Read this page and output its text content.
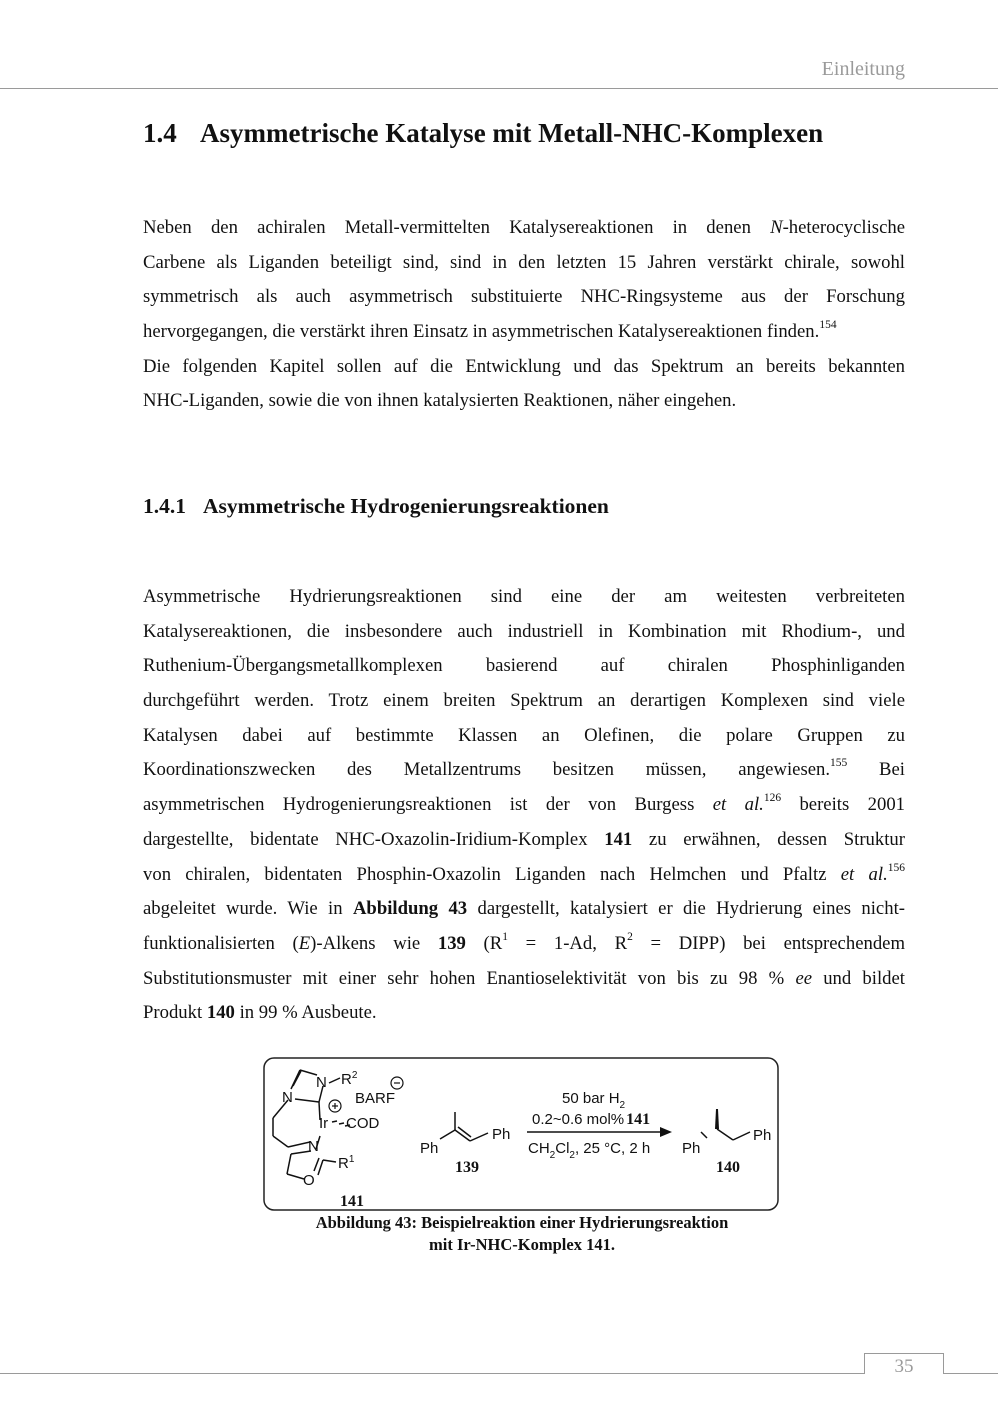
Einleitung
1.4 Asymmetrische Katalyse mit Metall-NHC-Komplexen
Neben den achiralen Metall-vermittelten Katalysereaktionen in denen N-heterocyclische
Carbene als Liganden beteiligt sind, sind in den letzten 15 Jahren verstärkt chirale, sowohl
symmetrisch als auch asymmetrisch substituierte NHC-Ringsysteme aus der Forschung
hervorgegangen, die verstärkt ihren Einsatz in asymmetrischen Katalysereaktionen finden.$^{154}$
Die folgenden Kapitel sollen auf die Entwicklung und das Spektrum an bereits bekannten
NHC-Liganden, sowie die von ihnen katalysierten Reaktionen, näher eingehen.
1.4.1 Asymmetrische Hydrogenierungsreaktionen
Asymmetrische Hydrierungsreaktionen sind eine der am weitesten verbreiteten
Katalysereaktionen, die insbesondere auch industriell in Kombination mit Rhodium-, und
Ruthenium-Übergangsmetallkomplexen basierend auf chiralen Phosphinliganden
durchgeführt werden. Trotz einem breiten Spektrum an derartigen Komplexen sind viele
Katalysen dabei auf bestimmte Klassen an Olefinen, die polare Gruppen zu
Koordinationszwecken des Metallzentrums besitzen müssen, angewiesen.$^{155}$ Bei
asymmetrischen Hydrogenierungsreaktionen ist der von Burgess et al.$^{126}$ bereits 2001
dargestellte, bidentate NHC-Oxazolin-Iridium-Komplex 141 zu erwähnen, dessen Struktur
von chiralen, bidentaten Phosphin-Oxazolin Liganden nach Helmchen und Pfaltz et al.$^{156}$
abgeleitet wurde. Wie in Abbildung 43 dargestellt, katalysiert er die Hydrierung eines nicht-
funktionalisierten (E)-Alkens wie 139 ($R^1 = 1-Ad$, $R^2$ = DIPP) bei entsprechendem
Substitutionsmuster mit einer sehr hohen Enantioselektivität von bis zu 98 % ee und bildet
Produkt 140 in 99 % Ausbeute.
N
N
N
$R^2$
$R^1$
O
Ir COD
BARF
141
Ph
Ph
139
50 bar $H_2$
0.2~0.6 mol% 141
$CH_2Cl_2$, 25 °C, 2 h Ph
Ph
140
Abbildung 43: Beispielreaktion einer Hydrierungsreaktion
mit Ir-NHC-Komplex 141.
35
